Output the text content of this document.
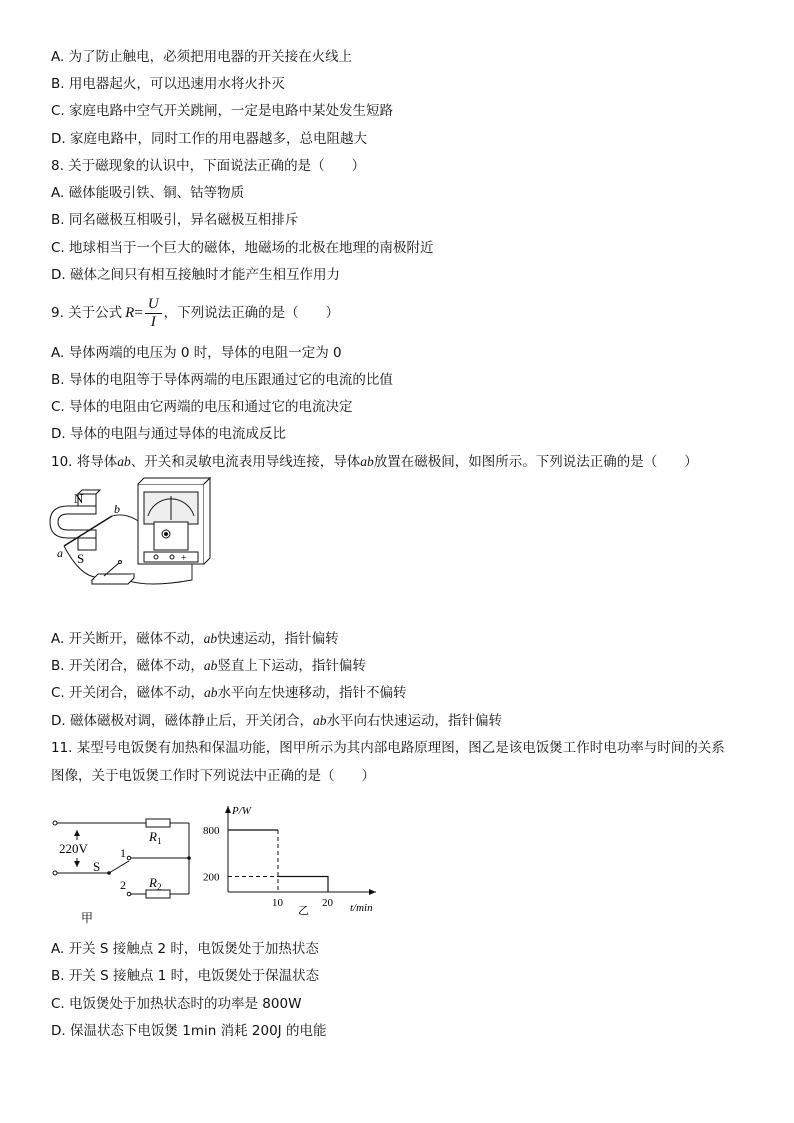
A. 为了防止触电，必须把用电器的开关接在火线上
B. 用电器起火，可以迅速用水将火扑灭
C. 家庭电路中空气开关跳闸，一定是电路中某处发生短路
D. 家庭电路中，同时工作的用电器越多，总电阻越大
8. 关于磁现象的认识中，下面说法正确的是（　　）
A. 磁体能吸引铁、铜、钴等物质
B. 同名磁极互相吸引，异名磁极互相排斥
C. 地球相当于一个巨大的磁体，地磁场的北极在地理的南极附近
D. 磁体之间只有相互接触时才能产生相互作用力
9. 关于公式 $R = \frac{U}{I}$ ，下列说法正确的是（　　）
A. 导体两端的电压为 0 时，导体的电阻一定为 0
B. 导体的电阻等于导体两端的电压跟通过它的电流的比值
C. 导体的电阻由它两端的电压和通过它的电流决定
D. 导体的电阻与通过导体的电流成反比
10. 将导体ab、开关和灵敏电流表用导线连接，导体ab放置在磁极间，如图所示。下列说法正确的是（　　）
N
S
a
b
+
A. 开关断开，磁体不动，ab快速运动，指针偏转
B. 开关闭合，磁体不动，ab竖直上下运动，指针偏转
C. 开关闭合，磁体不动，ab水平向左快速移动，指针不偏转
D. 磁体磁极对调，磁体静止后，开关闭合，ab水平向右快速运动，指针偏转
11. 某型号电饭煲有加热和保温功能，图甲所示为其内部电路原理图，图乙是该电饭煲工作时电功率与时间的关系
图像，关于电饭煲工作时下列说法中正确的是（　　）
220V
S
1
2
$R_1$
$R_2$
甲
800
200
10	20
P/W
t/min
乙
A. 开关 S 接触点 2 时，电饭煲处于加热状态
B. 开关 S 接触点 1 时，电饭煲处于保温状态
C. 电饭煲处于加热状态时的功率是 800W
D. 保温状态下电饭煲 1min 消耗 200J 的电能
